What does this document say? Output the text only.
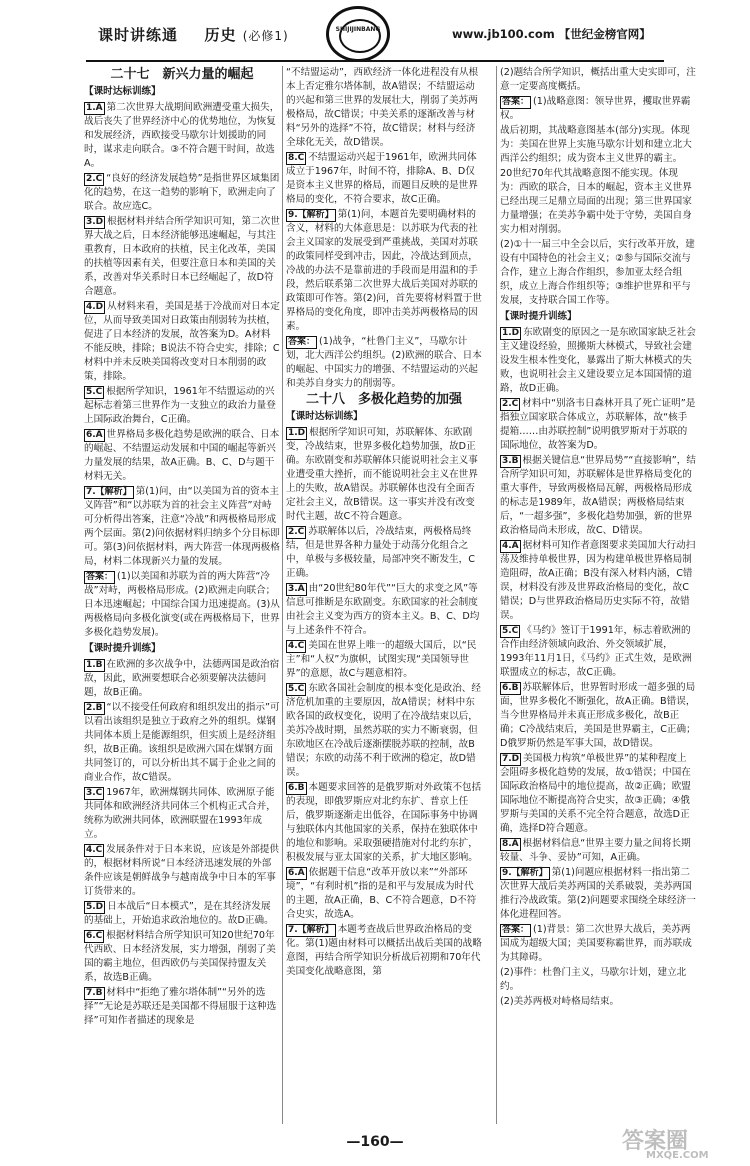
课时讲练通 历史 (必修1)	SHIJIJINBANG	www.jb100.com 【世纪金榜官网】
二十七　新兴力量的崛起
【课时达标训练】
1.A 第二次世界大战期间欧洲遭受重大损失，战后丧失了世界经济中心的优势地位，为恢复和发展经济，西欧接受马歇尔计划援助的同时，谋求走向联合。③不符合题干时间，故选A。
2.C “良好的经济发展趋势”是指世界区域集团化的趋势，在这一趋势的影响下，欧洲走向了联合。故应选C。
3.D 根据材料并结合所学知识可知，第二次世界大战之后，日本经济能够迅速崛起，与其注重教育，日本政府的扶植，民主化改革，美国的扶植等因素有关，但要注意日本和美国的关系，改善对华关系时日本已经崛起了，故D符合题意。
4.D 从材料来看，美国是基于冷战而对日本定位，从而导致美国对日政策由削弱转为扶植，促进了日本经济的发展，故答案为D。A材料不能反映，排除；B说法不符合史实，排除；C材料中并未反映美国将改变对日本削弱的政策，排除。
5.C 根据所学知识，1961年不结盟运动的兴起标志着第三世界作为一支独立的政治力量登上国际政治舞台，C正确。
6.A 世界格局多极化趋势是欧洲的联合、日本的崛起、不结盟运动发展和中国的崛起等新兴力量发展的结果，故A正确。B、C、D与题干材料无关。
7.【解析】 第(1)问，由“以美国为首的资本主义阵营”和“以苏联为首的社会主义阵营”对峙可分析得出答案，注意“冷战”和两极格局形成两个层面。第(2)问依据材料归纳多个分目标即可。第(3)问依据材料，两大阵营一体现两极格局，材料二体现新兴力量的发展。
答案： (1)以美国和苏联为首的两大阵营“冷战”对峙，两极格局形成。(2)欧洲走向联合；日本迅速崛起；中国综合国力迅速提高。(3)从两极格局向多极化演变(或在两极格局下，世界多极化趋势发展)。
【课时提升训练】
1.B 在欧洲的多次战争中，法德两国是政治宿敌，因此，欧洲要想联合必须要解决法德问题，故B正确。
2.B “以不接受任何政府和组织发出的指示”可以看出该组织是独立于政府之外的组织。煤钢共同体本质上是能源组织，但实质上是经济组织，故B正确。该组织是欧洲六国在煤钢方面共同签订的，可以分析出其不属于企业之间的商业合作，故C错误。
3.C 1967年，欧洲煤钢共同体、欧洲原子能共同体和欧洲经济共同体三个机构正式合并，统称为欧洲共同体，欧洲联盟在1993年成立。
4.C 发展条件对于日本来说，应该是外部提供的，根据材料所说“日本经济迅速发展的外部条件应该是朝鲜战争与越南战争中日本的军事订货带来的。
5.D 日本战后“日本模式”，是在其经济发展的基础上，开始追求政治地位的。故D正确。
6.C 根据材料结合所学知识可知20世纪70年代西欧、日本经济发展，实力增强，削弱了美国的霸主地位，但西欧仍与美国保持盟友关系，故选B正确。
7.B 材料中“拒绝了雅尔塔体制”“另外的选择”“无论是苏联还是美国都不得屈服于这种选择”可知作者描述的现象是
“不结盟运动”，西欧经济一体化进程没有从根本上否定雅尔塔体制，故A错误；不结盟运动的兴起和第三世界的发展壮大，削弱了美苏两极格局，故C错误；中美关系的逐渐改善与材料“另外的选择”不符，故C错误；材料与经济全球化无关，故D错误。
8.C 不结盟运动兴起于1961年，欧洲共同体成立于1967年，时间不符，排除A、B、D仅是资本主义世界的格局，而题目反映的是世界格局的变化，不符合要求，故C正确。
9.【解析】 第(1)问，本题首先要明确材料的含义，材料的大体意思是：以苏联为代表的社会主义国家的发展受到严重挑战，美国对苏联的政策同样受到冲击，因此，冷战达到顶点，冷战的办法不是靠前进的手段而是用温和的手段，然后联系第二次世界大战后美国对苏联的政策即可作答。第(2)问，首先要将材料置于世界格局的变化角度，即冲击美苏两极格局的因素。
答案： (1)战争，“杜鲁门主义”，马歇尔计划，北大西洋公约组织。(2)欧洲的联合、日本的崛起、中国实力的增强、不结盟运动的兴起和美苏自身实力的削弱等。
二十八　多极化趋势的加强
【课时达标训练】
1.D 根据所学知识可知，苏联解体、东欧剧变，冷战结束，世界多极化趋势加强，故D正确。东欧剧变和苏联解体只能说明社会主义事业遭受重大挫折，而不能说明社会主义在世界上的失败，故A错误。苏联解体也没有全面否定社会主义，故B错误。这一事实并没有改变时代主题，故C不符合题意。
2.C 苏联解体以后，冷战结束，两极格局终结，但是世界各种力量处于动荡分化组合之中，单极与多极较量，局部冲突不断发生，C正确。
3.A 由“20世纪80年代”“巨大的求变之风”等信息可推断是东欧剧变。东欧国家的社会制度由社会主义变为西方的资本主义。B、C、D均与上述条件不符合。
4.C 美国在世界上唯一的超级大国后，以“民主”和“人权”为旗帜，试图实现“美国领导世界”的意愿，故C与题意相符。
5.C 东欧各国社会制度的根本变化是政治、经济危机加重的主要原因，故A错误；材料中东欧各国的政权变化，说明了在冷战结束以后，美苏冷战时期，虽然苏联的实力不断衰弱，但东欧地区在冷战后逐渐摆脱苏联的控制，故B错误；东欧的动荡不利于欧洲的稳定，故D错误。
6.B 本题要求回答的是俄罗斯对外政策不包括的表现，即俄罗斯应对北约东扩、普京上任后，俄罗斯逐渐走出低谷，在国际事务中协调与独联体内其他国家的关系，保持在独联体中的地位和影响。采取强硬措施对付北约东扩，积极发展与亚太国家的关系，扩大地区影响。
6.A 依据题干信息“改革开放以来”“外部环境”，“有利时机”指的是和平与发展成为时代的主题，故A正确，B、C不符合题意，D不符合史实，故选A。
7.【解析】 本题考查战后世界政治格局的变化。第(1)题由材料可以概括出战后美国的战略意图，再结合所学知识分析战后初期和70年代美国变化战略意图，第
(2)题结合所学知识，概括出重大史实即可，注意一定要高度概括。
答案： (1)战略意图：领导世界，攫取世界霸权。
战后初期，其战略意图基本(部分)实现。体现为：美国在世界上实施马歇尔计划和建立北大西洋公约组织；成为资本主义世界的霸主。
20世纪70年代其战略意图不能实现。体现为：西欧的联合，日本的崛起，资本主义世界已经出现三足鼎立局面的出现；第三世界国家力量增强；在美苏争霸中处于守势，美国自身实力相对削弱。
(2)①十一届三中全会以后，实行改革开放，建设有中国特色的社会主义；②参与国际交流与合作，建立上海合作组织，参加亚太经合组织，成立上海合作组织等；③维护世界和平与发展，支持联合国工作等。
【课时提升训练】
1.D 东欧剧变的原因之一是东欧国家缺乏社会主义建设经验，照搬斯大林模式，导致社会建设发生根本性变化，暴露出了斯大林模式的失败，也说明社会主义建设要立足本国国情的道路，故D正确。
2.C 材料中“别洛韦日森林开具了死亡证明”是指独立国家联合体成立，苏联解体，故“核手提箱……由苏联控制”说明俄罗斯对于苏联的国际地位，故答案为D。
3.B 根据关键信息“世界局势”“直接影响”，结合所学知识可知，苏联解体是世界格局变化的重大事件，导致两极格局瓦解，两极格局形成的标志是1989年，故A错误；两极格局结束后，“一超多强”，多极化趋势加强，新的世界政治格局尚未形成，故C、D错误。
4.A 据材料可知作者意图要求美国加大行动扫荡及维持单极世界，因为构建单极世界格局制造阻碍，故A正确；B没有深入材料内涵，C错误，材料没有涉及世界政治格局的变化，故C错误；D与世界政治格局历史实际不符，故错误。
5.C 《马约》签订于1991年，标志着欧洲的合作由经济领域向政治、外交领域扩展，1993年11月1日，《马约》正式生效，是欧洲联盟成立的标志，故C正确。
6.B 苏联解体后，世界暂时形成一超多强的局面，世界多极化不断强化，故A正确。B错误，当今世界格局并未真正形成多极化，故B正确；C冷战结束后，美国是世界霸主，C正确；D俄罗斯仍然是军事大国，故D错误。
7.D 美国极力构筑“单极世界”的某种程度上会阻碍多极化趋势的发展，故①错误；中国在国际政治格局中的地位提高，故②正确；欧盟国际地位不断提高符合史实，故③正确；④俄罗斯与美国的关系不完全符合题意，故选D正确，选择D符合题意。
8.A 根据材料信息“世界主要力量之间将长期较量、斗争、妥协”可知，A正确。
9.【解析】 第(1)问题应根据材料一指出第二次世界大战后美苏两国的关系破裂，美苏两国推行冷战政策。第(2)问题要求围绕全球经济一体化进程回答。
答案： (1)背景：第二次世界大战后，美苏两国成为超级大国；美国要称霸世界，而苏联成为其障碍。
(2)事件：杜鲁门主义，马歇尔计划，建立北约。
(2)美苏两极对峙格局结束。
—160—	答案圈
MXQE.COM
